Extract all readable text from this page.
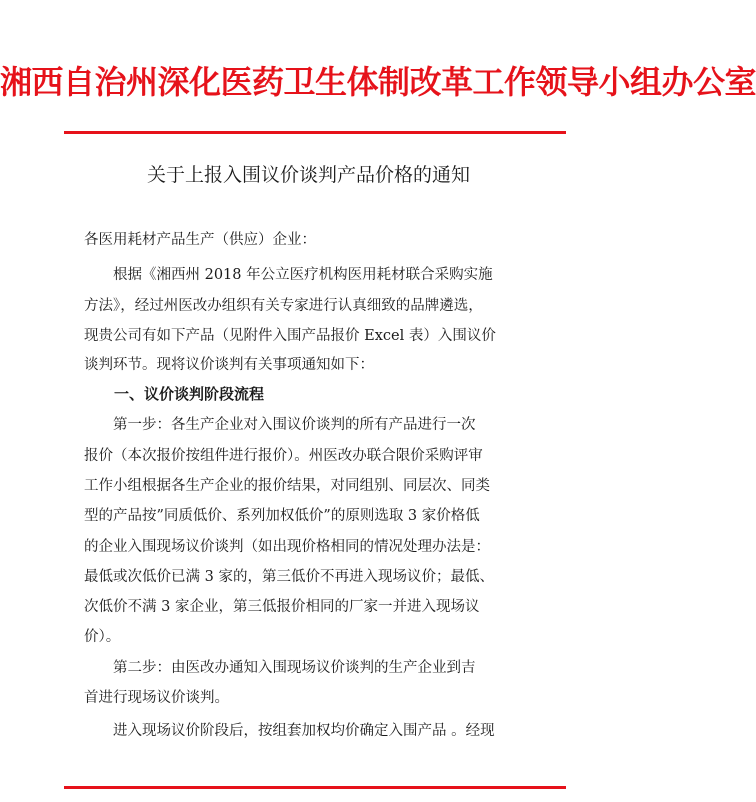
湘西自治州深化医药卫生体制改革工作领导小组办公室
关于上报入围议价谈判产品价格的通知
各医用耗材产品生产（供应）企业：
　　根据《湘西州 2018 年公立医疗机构医用耗材联合采购实施
方法》，经过州医改办组织有关专家进行认真细致的品牌遴选，
现贵公司有如下产品（见附件入围产品报价 Excel 表）入围议价
谈判环节。现将议价谈判有关事项通知如下：
　　一、议价谈判阶段流程
　　第一步：各生产企业对入围议价谈判的所有产品进行一次
报价（本次报价按组件进行报价）。州医改办联合限价采购评审
工作小组根据各生产企业的报价结果，对同组别、同层次、同类
型的产品按”同质低价、系列加权低价”的原则选取 3 家价格低
的企业入围现场议价谈判（如出现价格相同的情况处理办法是：
最低或次低价已满 3 家的，第三低价不再进入现场议价；最低、
次低价不满 3 家企业，第三低报价相同的厂家一并进入现场议
价）。
　　第二步：由医改办通知入围现场议价谈判的生产企业到吉
首进行现场议价谈判。
　　进入现场议价阶段后，按组套加权均价确定入围产品 。经现
